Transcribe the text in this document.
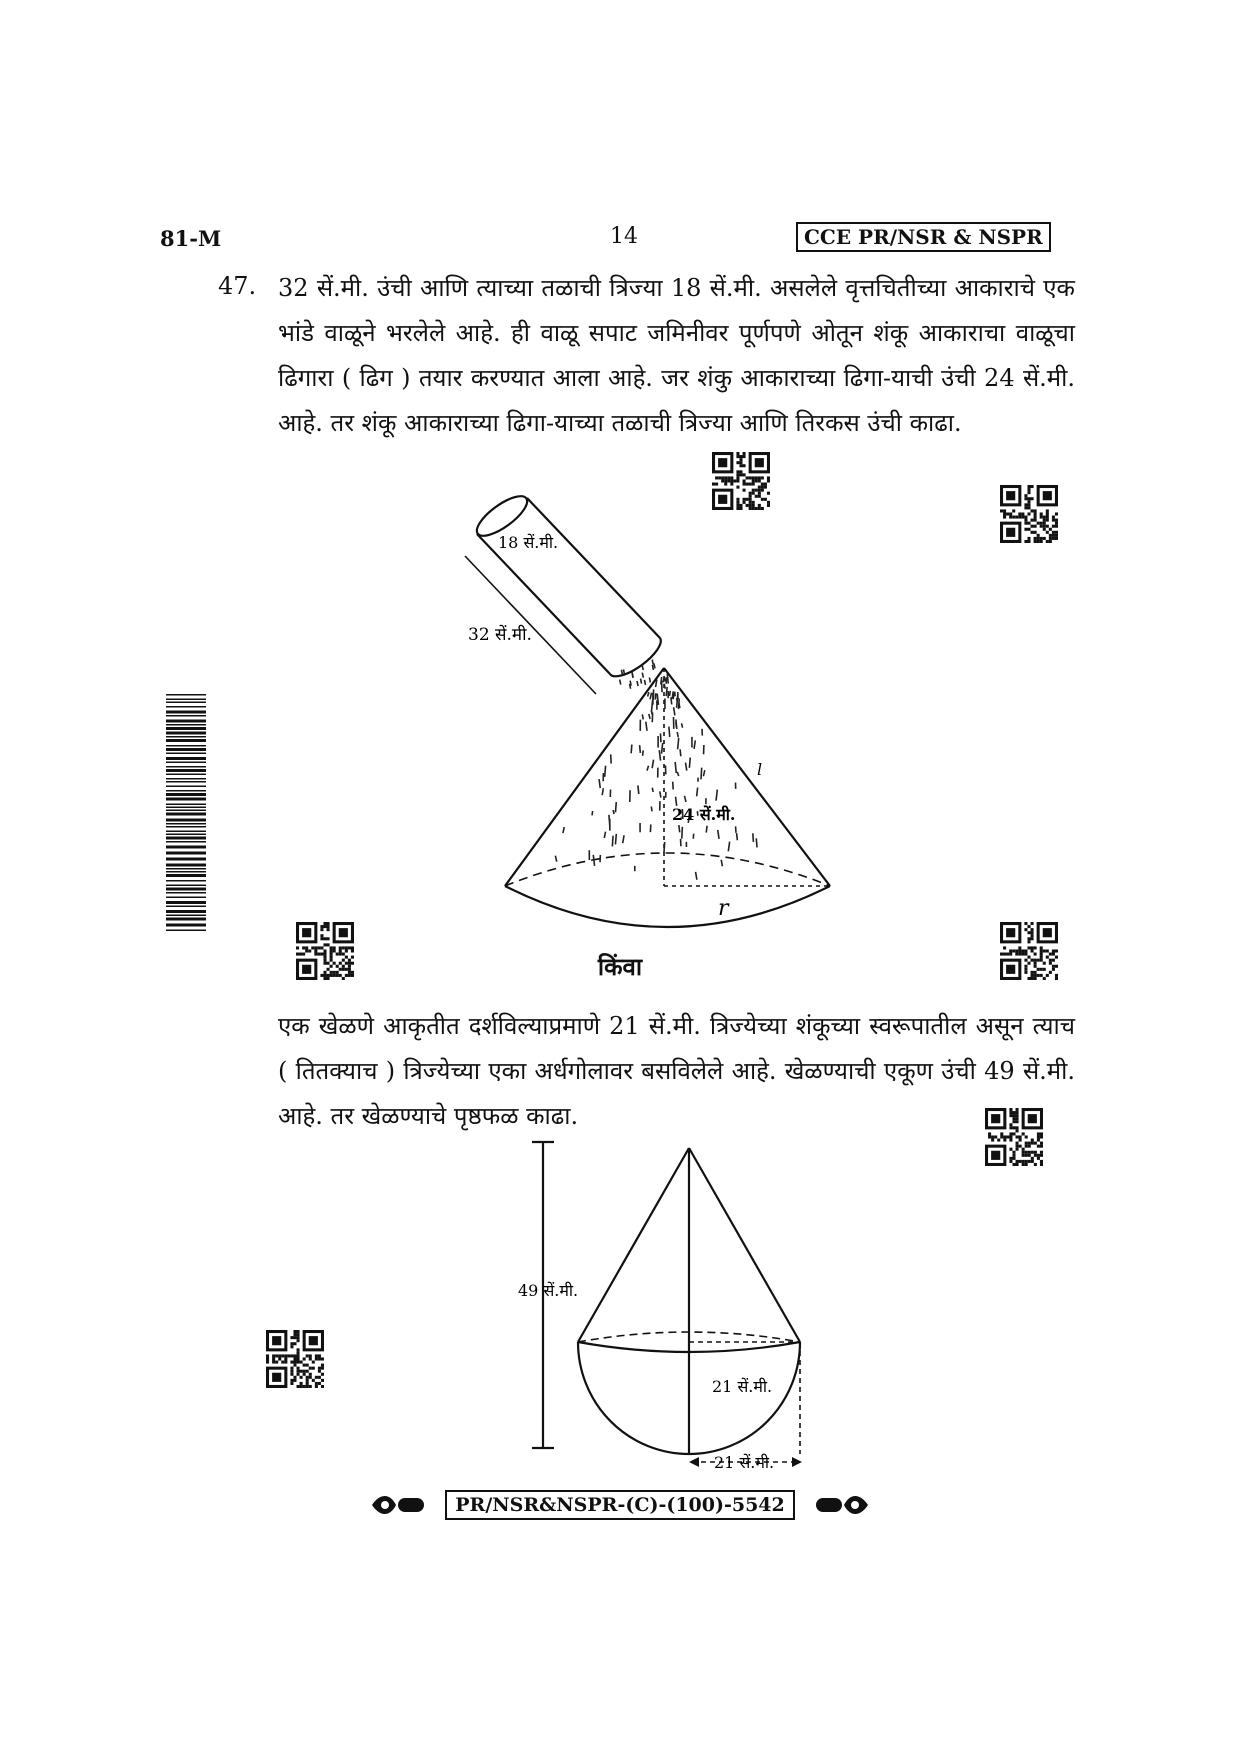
81-M	14	CCE PR/NSR & NSPR
47. 32 सें.मी. उंची आणि त्याच्या तळाची त्रिज्या 18 सें.मी. असलेले वृत्तचितीच्या आकाराचे एक भांडे वाळूने भरलेले आहे. ही वाळू सपाट जमिनीवर पूर्णपणे ओतून शंकू आकाराचा वाळूचा ढिगारा ( ढिग ) तयार करण्यात आला आहे. जर शंकु आकाराच्या ढिगा-याची उंची 24 सें.मी. आहे. तर शंकू आकाराच्या ढिगा-याच्या तळाची त्रिज्या आणि तिरकस उंची काढा.
18 सें.मी.
32 सें.मी.
24 सें.मी.
l
r
किंवा
एक खेळणे आकृतीत दर्शविल्याप्रमाणे 21 सें.मी. त्रिज्येच्या शंकूच्या स्वरूपातील असून त्याच ( तितक्याच ) त्रिज्येच्या एका अर्धगोलावर बसविलेले आहे. खेळण्याची एकूण उंची 49 सें.मी. आहे. तर खेळण्याचे पृष्ठफळ काढा.
49 सें.मी.
21 सें.मी.
21 सें.मी.
PR/NSR&NSPR-(C)-(100)-5542
